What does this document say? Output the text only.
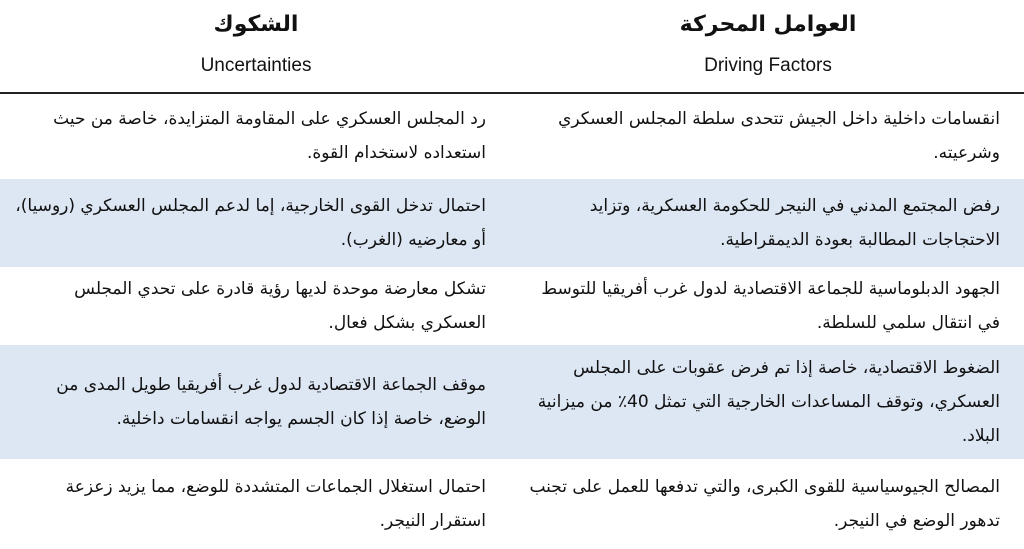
العوامل المحركة
Driving Factors
الشكوك
Uncertainties
انقسامات داخلية داخل الجيش تتحدى سلطة المجلس العسكري وشرعيته.
رد المجلس العسكري على المقاومة المتزايدة، خاصة من حيث استعداده لاستخدام القوة.
رفض المجتمع المدني في النيجر للحكومة العسكرية، وتزايد الاحتجاجات المطالبة بعودة الديمقراطية.
احتمال تدخل القوى الخارجية، إما لدعم المجلس العسكري (روسيا)، أو معارضيه (الغرب).
الجهود الدبلوماسية للجماعة الاقتصادية لدول غرب أفريقيا للتوسط في انتقال سلمي للسلطة.
تشكل معارضة موحدة لديها رؤية قادرة على تحدي المجلس العسكري بشكل فعال.
الضغوط الاقتصادية، خاصة إذا تم فرض عقوبات على المجلس العسكري، وتوقف المساعدات الخارجية التي تمثل 40٪ من ميزانية البلاد.
موقف الجماعة الاقتصادية لدول غرب أفريقيا طويل المدى من الوضع، خاصة إذا كان الجسم يواجه انقسامات داخلية.
المصالح الجيوسياسية للقوى الكبرى، والتي تدفعها للعمل على تجنب تدهور الوضع في النيجر.
احتمال استغلال الجماعات المتشددة للوضع، مما يزيد زعزعة استقرار النيجر.
